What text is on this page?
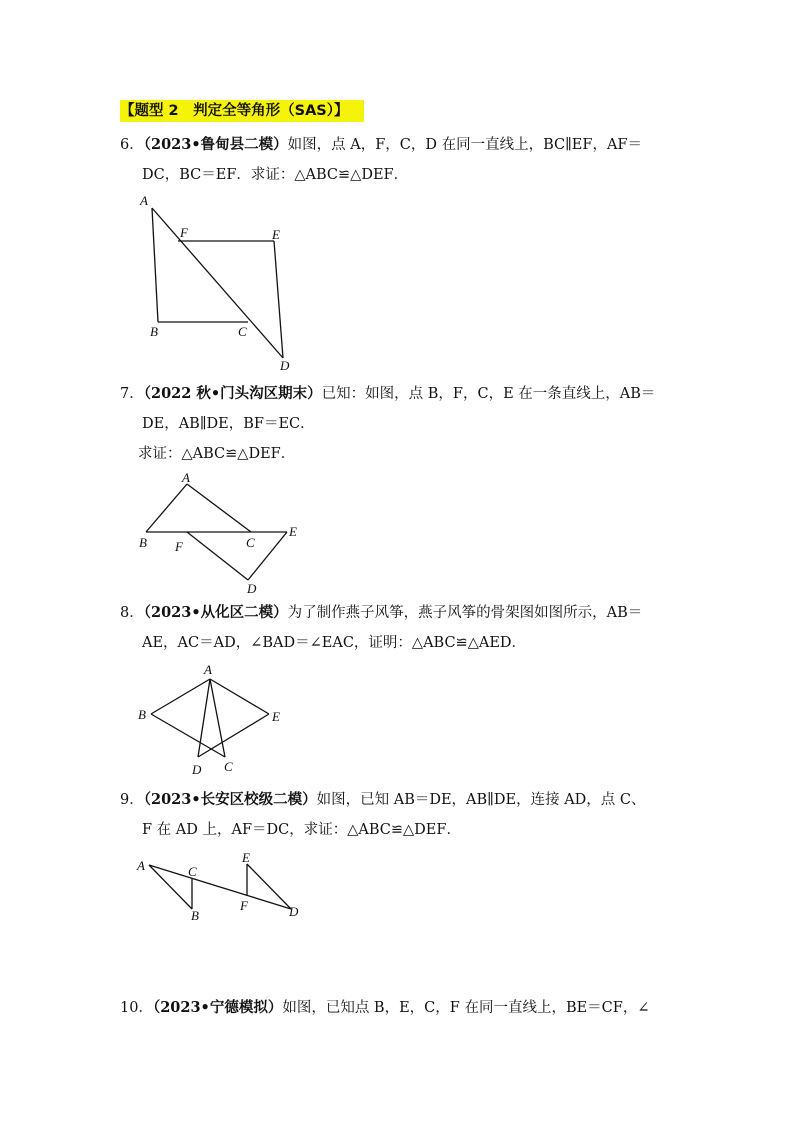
【题型 2　判定全等角形（SAS）】
6．（2023•鲁甸县二模）如图，点 A，F，C，D 在同一直线上，BC∥EF，AF＝
DC，BC＝EF．求证：△ABC≌△DEF．
A
B	C
D
E
F
7．（2022 秋•门头沟区期末）已知：如图，点 B，F，C，E 在一条直线上，AB＝
DE，AB∥DE，BF＝EC．
求证：△ABC≌△DEF．
A
B F	C
E
D
8．（2023•从化区二模）为了制作燕子风筝，燕子风筝的骨架图如图所示，AB＝
AE，AC＝AD，∠BAD＝∠EAC，证明：△ABC≌△AED．
A
B	E
D C
9．（2023•长安区校级二模）如图，已知 AB＝DE，AB∥DE，连接 AD，点 C、
F 在 AD 上，AF＝DC，求证：△ABC≌△DEF．
A	C
B
E
F	D
10．（2023•宁德模拟）如图，已知点 B，E，C，F 在同一直线上，BE＝CF，∠
